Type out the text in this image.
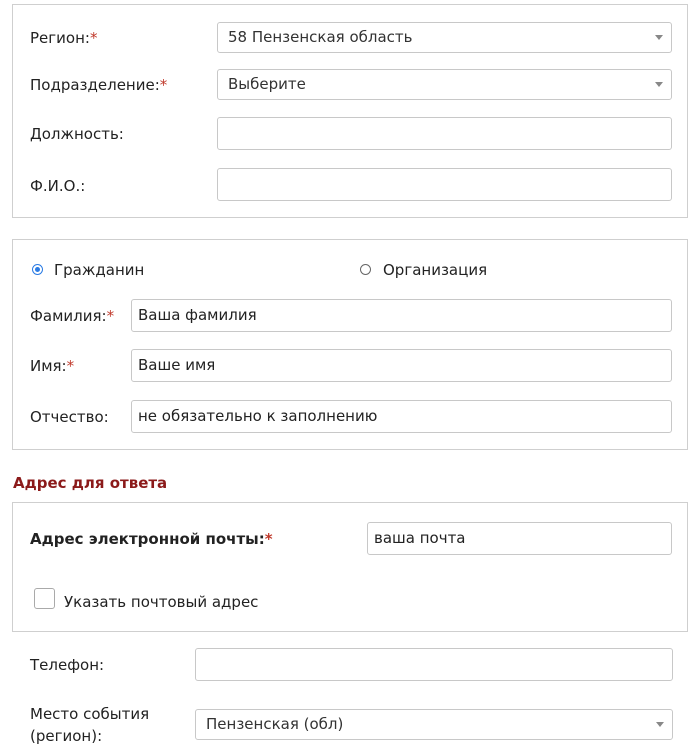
Регион:*	58 Пензенская область
Подразделение:*	Выберите
Должность:
Ф.И.О.:
Гражданин	Организация
Фамилия:*	Ваша фамилия
Имя:*	Ваше имя
Отчество:	не обязательно к заполнению
Адрес для ответа
Адрес электронной почты:*	ваша почта
Указать почтовый адрес
Телефон:
Место события
(регион):
Пензенская (обл)
